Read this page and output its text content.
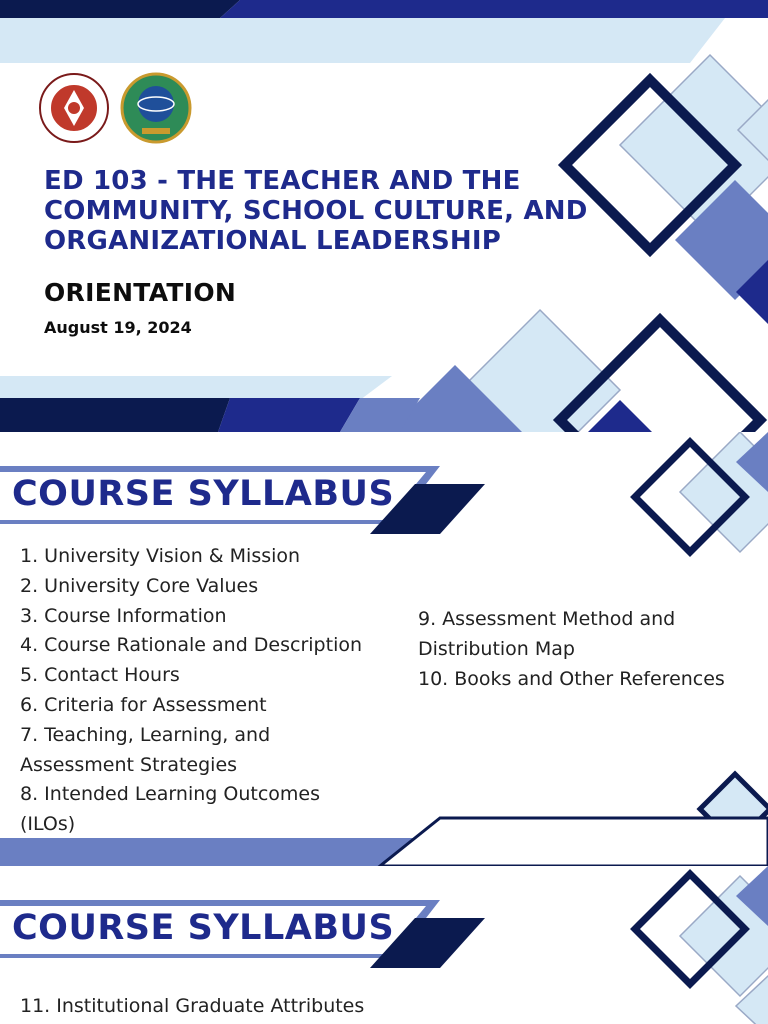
ED 103 - THE TEACHER AND THE COMMUNITY, SCHOOL CULTURE, AND ORGANIZATIONAL LEADERSHIP
ORIENTATION

August 19, 2024

COURSE SYLLABUS
1. University Vision & Mission
2. University Core Values
3. Course Information
4. Course Rationale and Description
5. Contact Hours
6. Criteria for Assessment
7. Teaching, Learning, and Assessment Strategies
8. Intended Learning Outcomes (ILOs)
9. Assessment Method and Distribution Map
10. Books and Other References
COURSE SYLLABUS
11. Institutional Graduate Attributes
